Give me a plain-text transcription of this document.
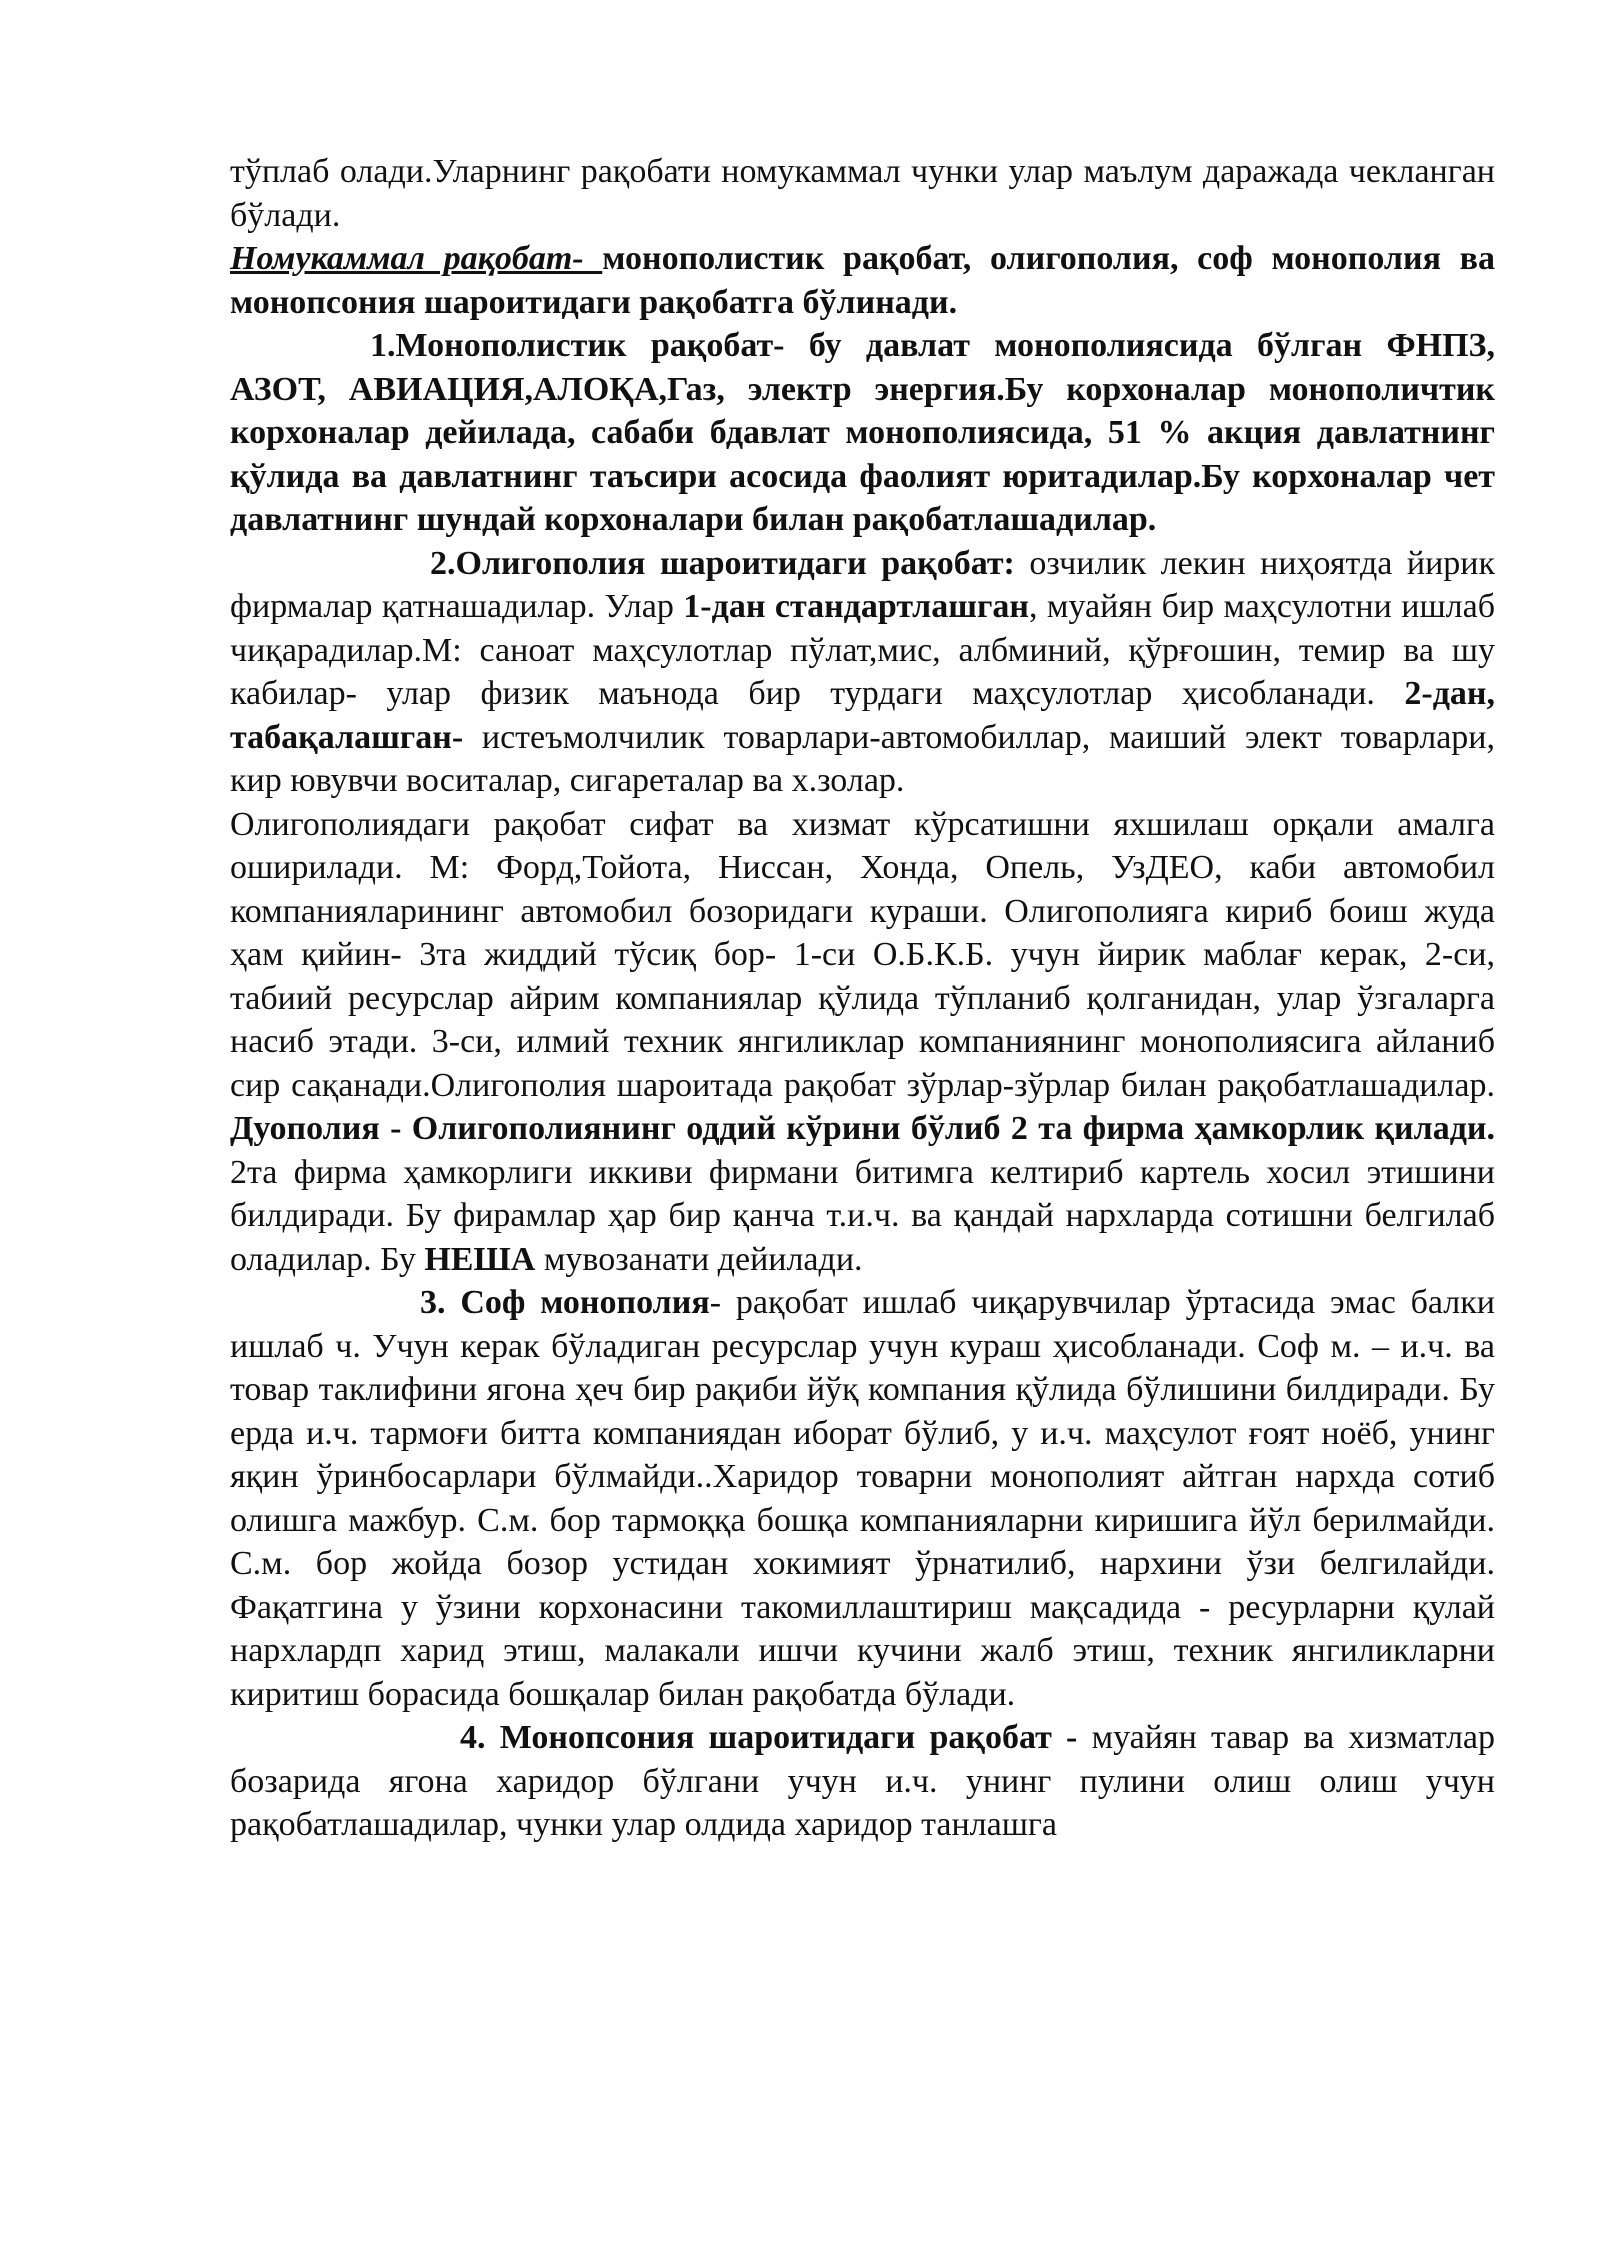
тўплаб олади.Уларнинг рақобати номукаммал чунки улар маълум даражада чекланган бўлади.

Номукаммал рақобат- монополистик рақобат, олигополия, соф монополия ва монопсония шароитидаги рақобатга бўлинади.

1.Монополистик рақобат- бу давлат монополиясида бўлган ФНПЗ, АЗОТ, АВИАЦИЯ,АЛОҚА,Газ, электр энергия.Бу корхоналар монополичтик корхоналар дейилада, сабаби бдавлат монополиясида, 51 % акция давлатнинг қўлида ва давлатнинг таъсири асосида фаолият юритадилар.Бу корхоналар чет давлатнинг шундай корхоналари билан рақобатлашадилар.

2.Олигополия шароитидаги рақобат: озчилик лекин ниҳоятда йирик фирмалар қатнашадилар. Улар 1-дан стандартлашган, муайян бир маҳсулотни ишлаб чиқарадилар.М: саноат маҳсулотлар пўлат,мис, албминий, қўрғошин, темир ва шу кабилар- улар физик маънода бир турдаги маҳсулотлар ҳисобланади. 2-дан, табақалашган- истеъмолчилик товарлари-автомобиллар, маиший элект товарлари, кир ювувчи воситалар, сигареталар ва х.золар.

Олигополиядаги рақобат сифат ва хизмат кўрсатишни яхшилаш орқали амалга оширилади. М: Форд,Тойота, Ниссан, Хонда, Опель, УзДЕО, каби автомобил компанияларининг автомобил бозоридаги кураши. Олигополияга кириб боиш жуда ҳам қийин- 3та жиддий тўсиқ бор- 1-си О.Б.К.Б. учун йирик маблағ керак, 2-си, табиий ресурслар айрим компаниялар қўлида тўпланиб қолганидан, улар ўзгаларга насиб этади. 3-си, илмий техник янгиликлар компаниянинг монополиясига айланиб сир сақанади.Олигополия шароитада рақобат зўрлар-зўрлар билан рақобатлашадилар. Дуополия - Олигополиянинг оддий кўрини бўлиб 2 та фирма ҳамкорлик қилади. 2та фирма ҳамкорлиги иккиви фирмани битимга келтириб картель хосил этишини билдиради. Бу фирамлар ҳар бир қанча т.и.ч. ва қандай нархларда сотишни белгилаб оладилар. Бу НЕША мувозанати дейилади.

3. Соф монополия- рақобат ишлаб чиқарувчилар ўртасида эмас балки ишлаб ч. Учун керак бўладиган ресурслар учун кураш ҳисобланади. Соф м. – и.ч. ва товар таклифини ягона ҳеч бир рақиби йўқ компания қўлида бўлишини билдиради. Бу ерда и.ч. тармоғи битта компаниядан иборат бўлиб, у и.ч. маҳсулот ғоят ноёб, унинг яқин ўринбосарлари бўлмайди..Харидор товарни монополият айтган нархда сотиб олишга мажбур. С.м. бор тармоққа бошқа компанияларни киришига йўл берилмайди. С.м. бор жойда бозор устидан хокимият ўрнатилиб, нархини ўзи белгилайди. Фақатгина у ўзини корхонасини такомиллаштириш мақсадида - ресурларни қулай нархлардп харид этиш, малакали ишчи кучини жалб этиш, техник янгиликларни киритиш борасида бошқалар билан рақобатда бўлади.

4. Монопсония шароитидаги рақобат - муайян тавар ва хизматлар бозарида ягона харидор бўлгани учун и.ч. унинг пулини олиш олиш учун рақобатлашадилар, чунки улар олдида харидор танлашга
